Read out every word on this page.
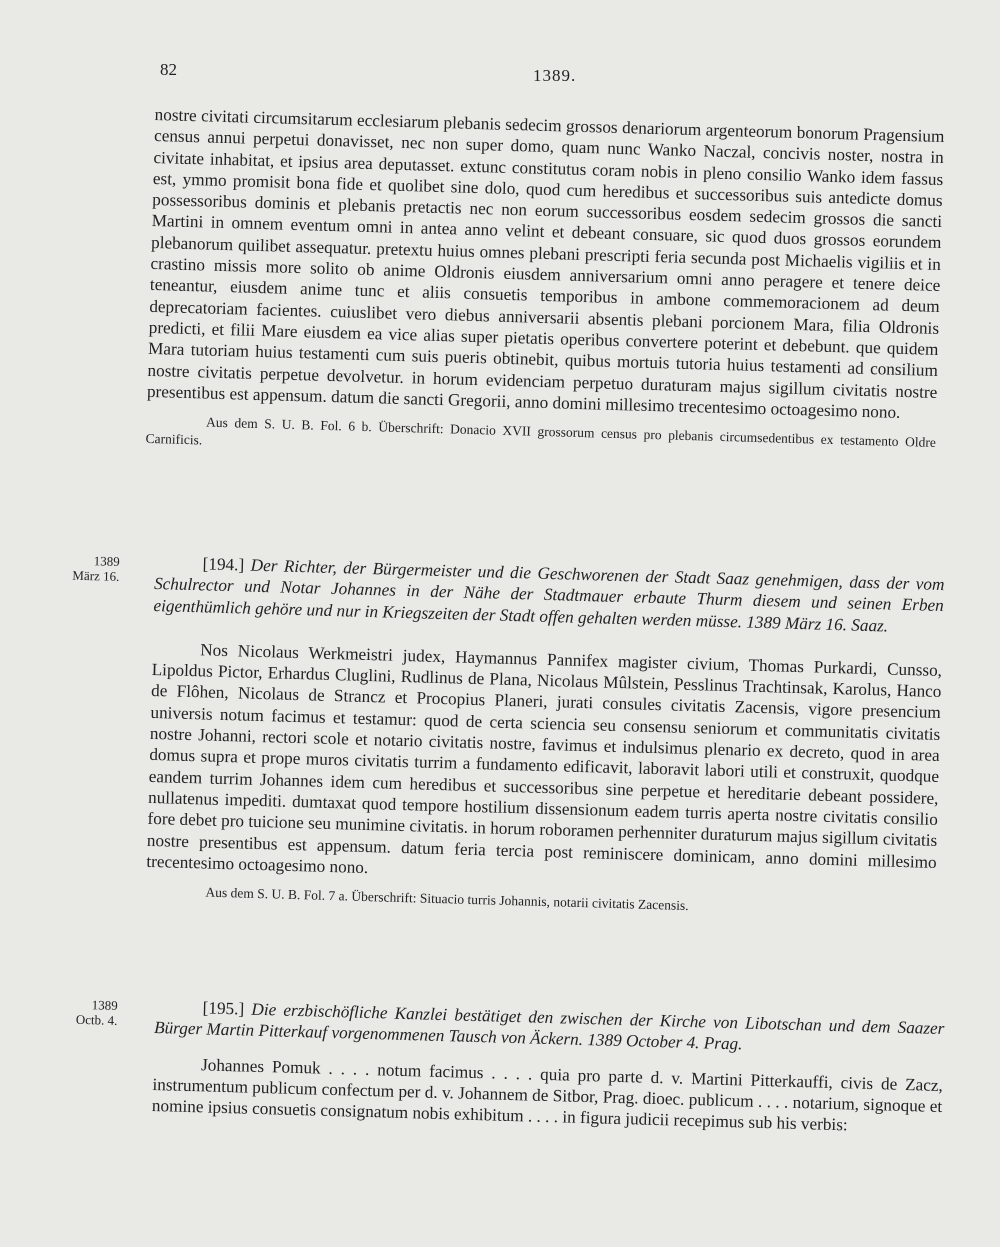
82	1389.

nostre civitati circumsitarum ecclesiarum plebanis sedecim grossos denariorum argenteorum bonorum Pragensium census annui perpetui donavisset, nec non super domo, quam nunc Wanko Naczal, concivis noster, nostra in civitate inhabitat, et ipsius area deputasset. extunc constitutus coram nobis in pleno consilio Wanko idem fassus est, ymmo promisit bona fide et quolibet sine dolo, quod cum heredibus et successoribus suis antedicte domus possessoribus dominis et plebanis pretactis nec non eorum successoribus eosdem sedecim grossos die sancti Martini in omnem eventum omni in antea anno velint et debeant consuare, sic quod duos grossos eorundem plebanorum quilibet assequatur. pretextu huius omnes plebani prescripti feria secunda post Michaelis vigiliis et in crastino missis more solito ob anime Oldronis eiusdem anniversarium omni anno peragere et tenere deice teneantur, eiusdem anime tunc et aliis consuetis temporibus in ambone commemoracionem ad deum deprecatoriam facientes. cuiuslibet vero diebus anniversarii absentis plebani porcionem Mara, filia Oldronis predicti, et filii Mare eiusdem ea vice alias super pietatis operibus convertere poterint et debebunt. que quidem Mara tutoriam huius testamenti cum suis pueris obtinebit, quibus mortuis tutoria huius testamenti ad consilium nostre civitatis perpetue devolvetur. in horum evidenciam perpetuo duraturam majus sigillum civitatis nostre presentibus est appensum. datum die sancti Gregorii, anno domini millesimo trecentesimo octoagesimo nono.

Aus dem S. U. B. Fol. 6 b. Überschrift: Donacio XVII grossorum census pro plebanis circumsedentibus ex testamento Oldre Carnificis.

1389
März 16.

[194.] Der Richter, der Bürgermeister und die Geschworenen der Stadt Saaz genehmigen, dass der vom Schulrector und Notar Johannes in der Nähe der Stadtmauer erbaute Thurm diesem und seinen Erben eigenthümlich gehöre und nur in Kriegszeiten der Stadt offen gehalten werden müsse. 1389 März 16. Saaz.

Nos Nicolaus Werkmeistri judex, Haymannus Pannifex magister civium, Thomas Purkardi, Cunsso, Lipoldus Pictor, Erhardus Cluglini, Rudlinus de Plana, Nicolaus Mûlstein, Pesslinus Trachtinsak, Karolus, Hanco de Flôhen, Nicolaus de Strancz et Procopius Planeri, jurati consules civitatis Zacensis, vigore presencium universis notum facimus et testamur: quod de certa sciencia seu consensu seniorum et communitatis civitatis nostre Johanni, rectori scole et notario civitatis nostre, favimus et indulsimus plenario ex decreto, quod in area domus supra et prope muros civitatis turrim a fundamento edificavit, laboravit labori utili et construxit, quodque eandem turrim Johannes idem cum heredibus et successoribus sine perpetue et hereditarie debeant possidere, nullatenus impediti. dumtaxat quod tempore hostilium dissensionum eadem turris aperta nostre civitatis consilio fore debet pro tuicione seu munimine civitatis. in horum roboramen perhenniter duraturum majus sigillum civitatis nostre presentibus est appensum. datum feria tercia post reminiscere dominicam, anno domini millesimo trecentesimo octoagesimo nono.

Aus dem S. U. B. Fol. 7 a. Überschrift: Situacio turris Johannis, notarii civitatis Zacensis.

1389
Octb. 4.

[195.] Die erzbischöfliche Kanzlei bestätiget den zwischen der Kirche von Libotschan und dem Saazer Bürger Martin Pitterkauf vorgenommenen Tausch von Äckern. 1389 October 4. Prag.

Johannes Pomuk . . . . notum facimus . . . . quia pro parte d. v. Martini Pitterkauffi, civis de Zacz, instrumentum publicum confectum per d. v. Johannem de Sitbor, Prag. dioec. publicum . . . . notarium, signoque et nomine ipsius consuetis consignatum nobis exhibitum . . . . in figura judicii recepimus sub his verbis:
